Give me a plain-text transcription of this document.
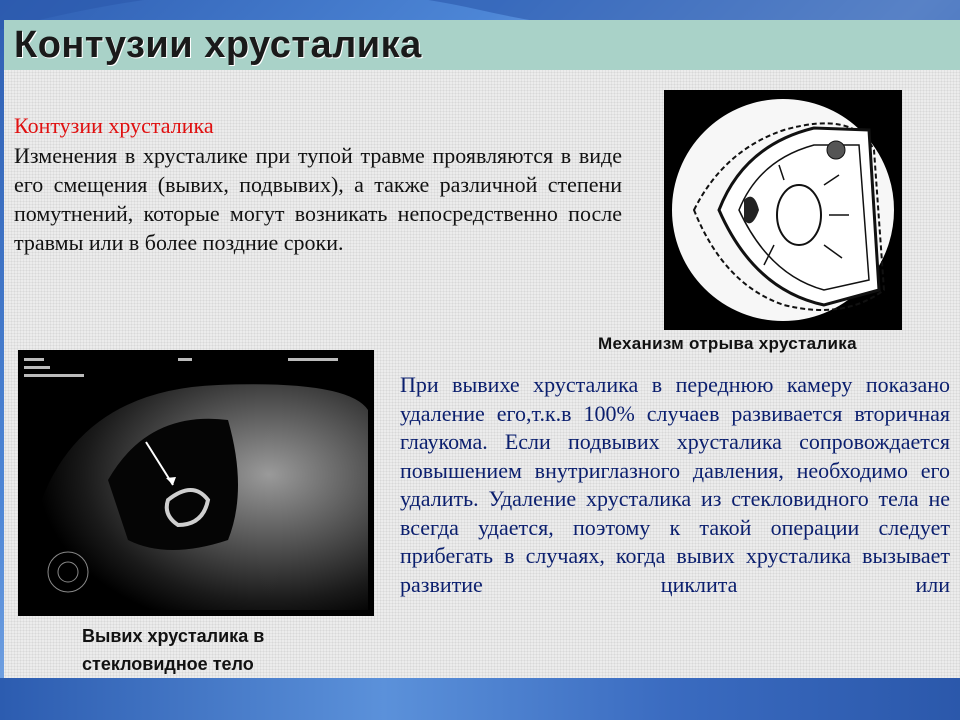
Контузии хрусталика
Контузии хрусталика
Изменения в хрусталике при тупой травме проявляются в виде его смещения (вывих, подвывих), а также различной степени помутнений, которые могут возникать непосредственно после травмы или в более поздние сроки.
Механизм отрыва хрусталика
Вывих хрусталика в стекловидное тело
При вывихе хрусталика в переднюю камеру показано удаление его,т.к.в 100% случаев развивается вторичная глаукома. Если подвывих хрусталика сопровождается повышением внутриглазного давления, необходимо его удалить. Удаление хрусталика из стекловидного тела не всегда удается, поэтому к такой операции следует прибегать в случаях, когда вывих хрусталика вызывает развитие циклита или
